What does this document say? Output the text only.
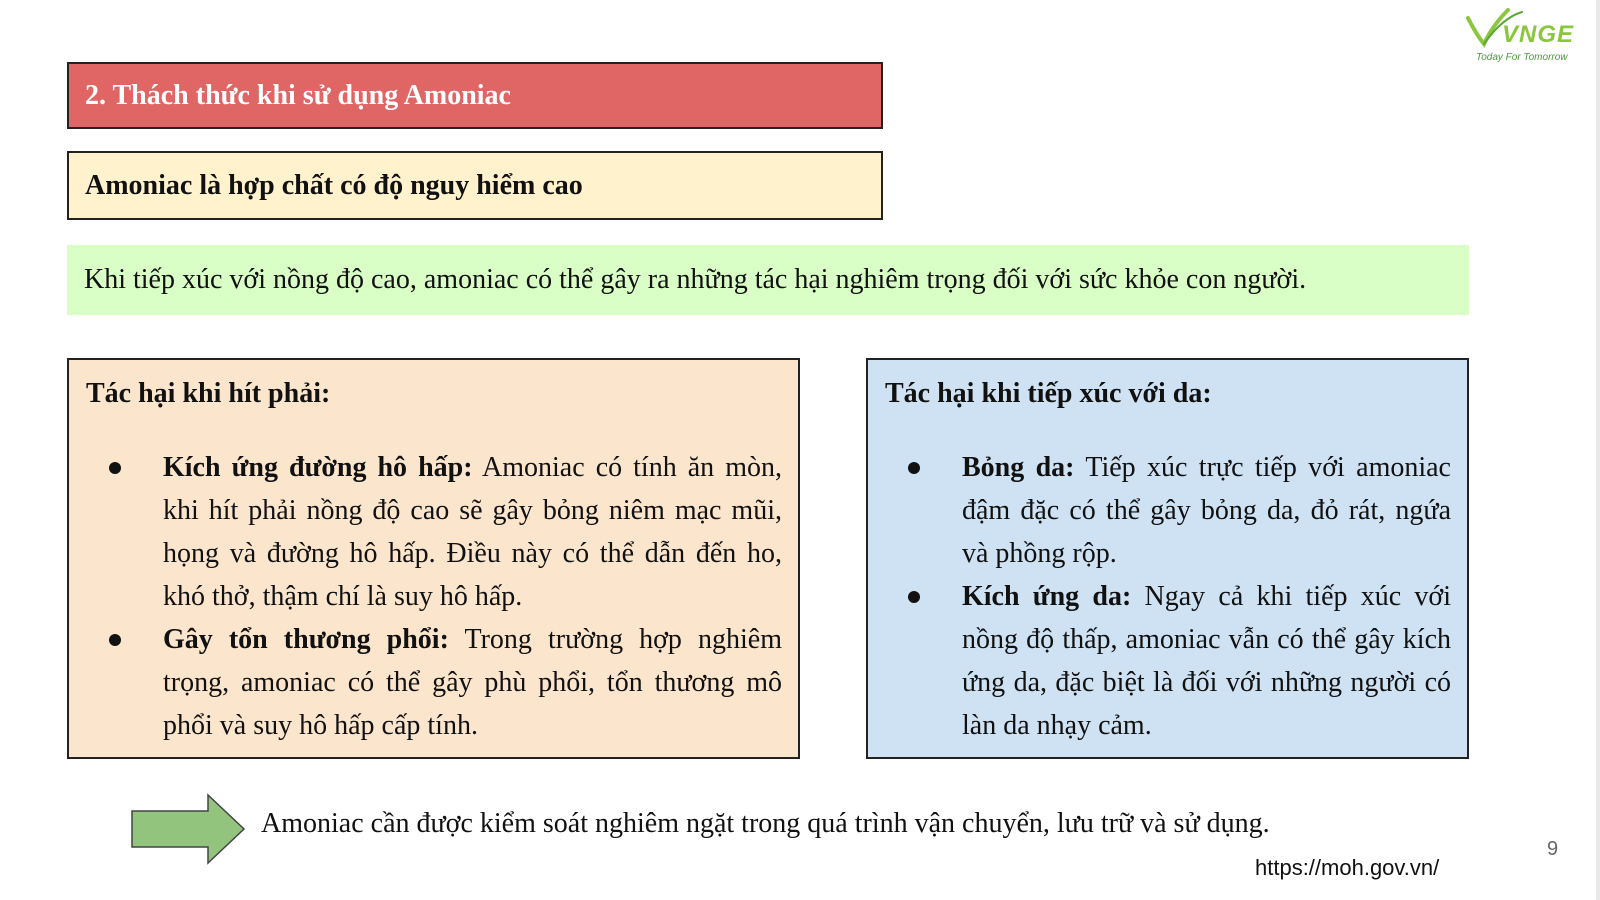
VNGE
Today For Tomorrow
2. Thách thức khi sử dụng Amoniac
Amoniac là hợp chất có độ nguy hiểm cao
Khi tiếp xúc với nồng độ cao, amoniac có thể gây ra những tác hại nghiêm trọng đối với sức khỏe con người.
Tác hại khi hít phải:
Kích ứng đường hô hấp: Amoniac có tính ăn mòn, khi hít phải nồng độ cao sẽ gây bỏng niêm mạc mũi, họng và đường hô hấp. Điều này có thể dẫn đến ho, khó thở, thậm chí là suy hô hấp.
Gây tổn thương phổi: Trong trường hợp nghiêm trọng, amoniac có thể gây phù phổi, tổn thương mô phổi và suy hô hấp cấp tính.
Tác hại khi tiếp xúc với da:
Bỏng da: Tiếp xúc trực tiếp với amoniac đậm đặc có thể gây bỏng da, đỏ rát, ngứa và phồng rộp.
Kích ứng da: Ngay cả khi tiếp xúc với nồng độ thấp, amoniac vẫn có thể gây kích ứng da, đặc biệt là đối với những người có làn da nhạy cảm.
Amoniac cần được kiểm soát nghiêm ngặt trong quá trình vận chuyển, lưu trữ và sử dụng.
9
https://moh.gov.vn/
